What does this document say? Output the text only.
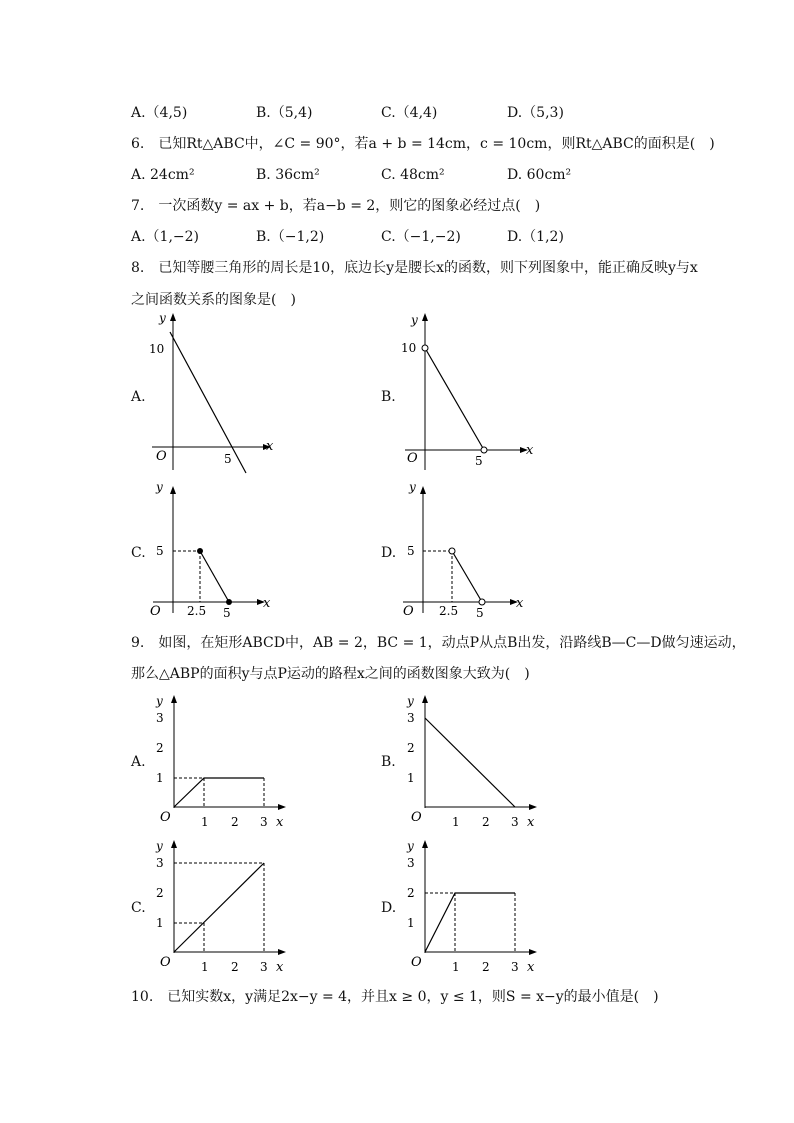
A.（4,5)	B.（5,4)	C.（4,4)	D.（5,3)
6.　已知Rt△ABC中，∠C = 90°，若a + b = 14cm，c = 10cm，则Rt△ABC的面积是(　)
A. 24cm²	B. 36cm²	C. 48cm²	D. 60cm²
7.　一次函数y = ax + b，若a−b = 2，则它的图象必经过点(　)
A.（1,−2)	B.（−1,2)	C.（−1,−2)	D.（1,2)
8.　已知等腰三角形的周长是10，底边长y是腰长x的函数，则下列图象中，能正确反映y与x
之间函数关系的图象是(　)
A.	B.
C.	D.
y
x
10
5
O
y
x
10
5
O
y
x
5
2.5 5
O
y
x
5
2.5 5
O
9.　如图，在矩形ABCD中，AB = 2，BC = 1，动点P从点B出发，沿路线B—C—D做匀速运动，
那么△ABP的面积y与点P运动的路程x之间的函数图象大致为(　)
A.	B.
C.	D.
y
3
2
1
O	1 2 3 x
y
3
2
1
O	1 2 3 x
y
3
2
1
O	1 2 3 x
y
3
2
1
O	1 2 3 x
10.　已知实数x，y满足2x−y = 4，并且x ≥ 0，y ≤ 1，则S = x−y的最小值是(　)
